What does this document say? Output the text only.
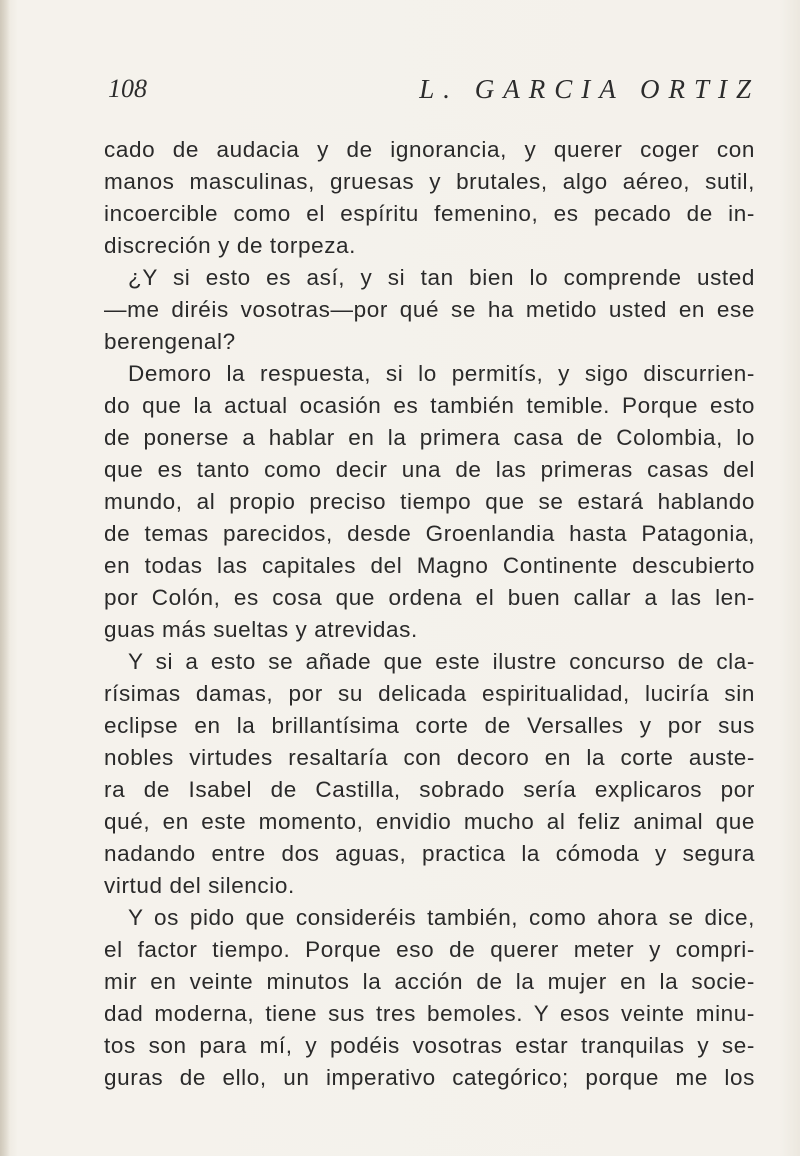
108	L. GARCIA ORTIZ
cado de audacia y de ignorancia, y querer coger con
manos masculinas, gruesas y brutales, algo aéreo, sutil,
incoercible como el espíritu femenino, es pecado de in-
discreción y de torpeza.
¿Y si esto es así, y si tan bien lo comprende usted
—me diréis vosotras—por qué se ha metido usted en ese
berengenal?
Demoro la respuesta, si lo permitís, y sigo discurrien-
do que la actual ocasión es también temible. Porque esto
de ponerse a hablar en la primera casa de Colombia, lo
que es tanto como decir una de las primeras casas del
mundo, al propio preciso tiempo que se estará hablando
de temas parecidos, desde Groenlandia hasta Patagonia,
en todas las capitales del Magno Continente descubierto
por Colón, es cosa que ordena el buen callar a las len-
guas más sueltas y atrevidas.
Y si a esto se añade que este ilustre concurso de cla-
rísimas damas, por su delicada espiritualidad, luciría sin
eclipse en la brillantísima corte de Versalles y por sus
nobles virtudes resaltaría con decoro en la corte auste-
ra de Isabel de Castilla, sobrado sería explicaros por
qué, en este momento, envidio mucho al feliz animal que
nadando entre dos aguas, practica la cómoda y segura
virtud del silencio.
Y os pido que consideréis también, como ahora se dice,
el factor tiempo. Porque eso de querer meter y compri-
mir en veinte minutos la acción de la mujer en la socie-
dad moderna, tiene sus tres bemoles. Y esos veinte minu-
tos son para mí, y podéis vosotras estar tranquilas y se-
guras de ello, un imperativo categórico; porque me los
